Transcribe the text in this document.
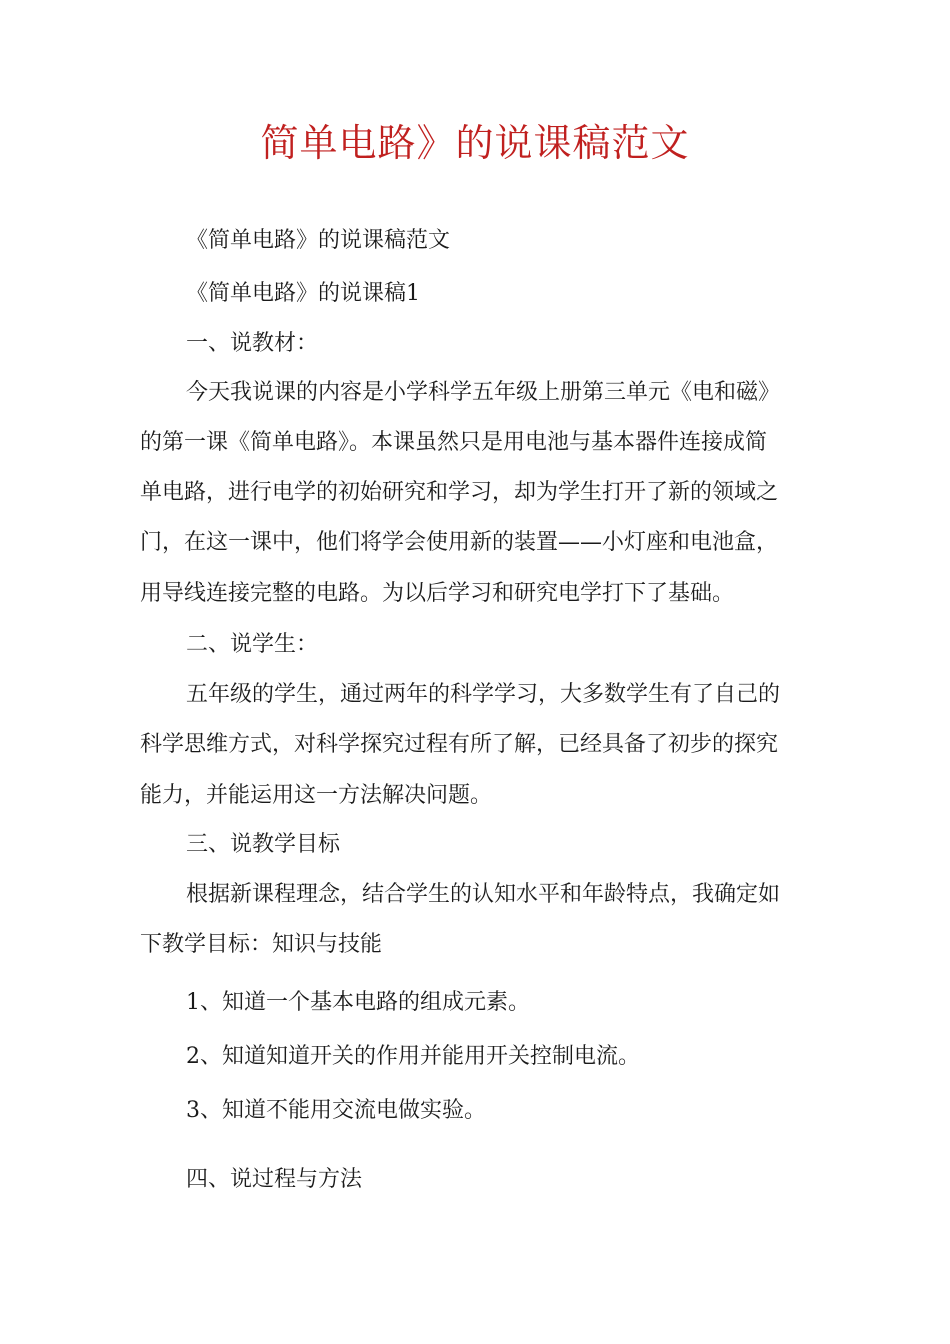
简单电路》的说课稿范文
《简单电路》的说课稿范文
《简单电路》的说课稿1
一、说教材：
今天我说课的内容是小学科学五年级上册第三单元《电和磁》
的第一课《简单电路》。本课虽然只是用电池与基本器件连接成简
单电路，进行电学的初始研究和学习，却为学生打开了新的领域之
门，在这一课中，他们将学会使用新的装置——小灯座和电池盒，
用导线连接完整的电路。为以后学习和研究电学打下了基础。
二、说学生：
五年级的学生，通过两年的科学学习，大多数学生有了自己的
科学思维方式，对科学探究过程有所了解，已经具备了初步的探究
能力，并能运用这一方法解决问题。
三、说教学目标
根据新课程理念，结合学生的认知水平和年龄特点，我确定如
下教学目标：知识与技能
1、知道一个基本电路的组成元素。
2、知道知道开关的作用并能用开关控制电流。
3、知道不能用交流电做实验。
四、说过程与方法
